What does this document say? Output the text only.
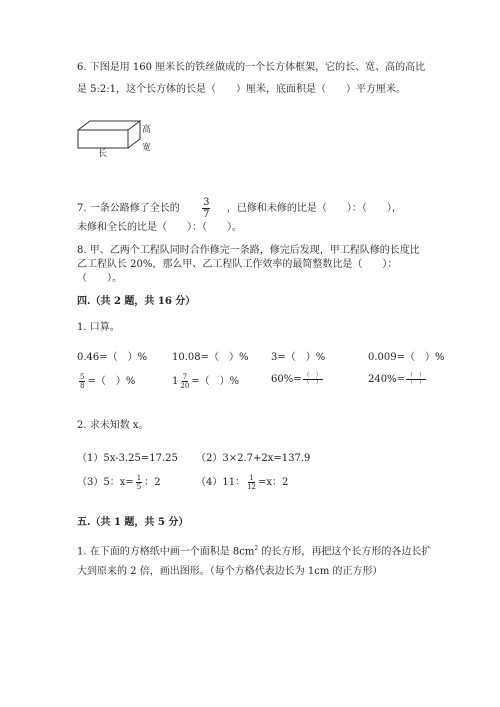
6. 下图是用 160 厘米长的铁丝做成的一个长方体框架，它的长、宽、高的高比
是 5:2:1，这个长方体的长是（　　）厘米，底面积是（　　）平方厘米。
高
宽
长
7. 一条公路修了全长的 $\frac{3}{7}$ ，已修和未修的比是（　　）：（　　），
未修和全长的比是（　　）：（　　）。
8. 甲、乙两个工程队同时合作修完一条路，修完后发现，甲工程队修的长度比
乙工程队长 20%，那么甲、乙工程队工作效率的最简整数比是（　　）：
（　　）。
四.（共 2 题，共 16 分）
1. 口算。
0.46=（　）% 10.08=（　）% 3=（　）%	0.009=（　）%
$\frac{5}{8}$ =（　）%	$1 \frac{7}{20}$ =（　）%	$60\%= \frac{( )}{( )}$	$240\%= \frac{( )}{( )}$
2. 求未知数 x。
（1）5x-3.25=17.25 （2）3×2.7+2x=137.9
（3）5：$x= \frac{1}{5}$ ：2	（4）11： $\frac{1}{12} =x$：2
五.（共 1 题，共 5 分）
1. 在下面的方格纸中画一个面积是 $8cm^2$ 的长方形，再把这个长方形的各边长扩
大到原来的 2 倍，画出图形。（每个方格代表边长为 1cm 的正方形）
